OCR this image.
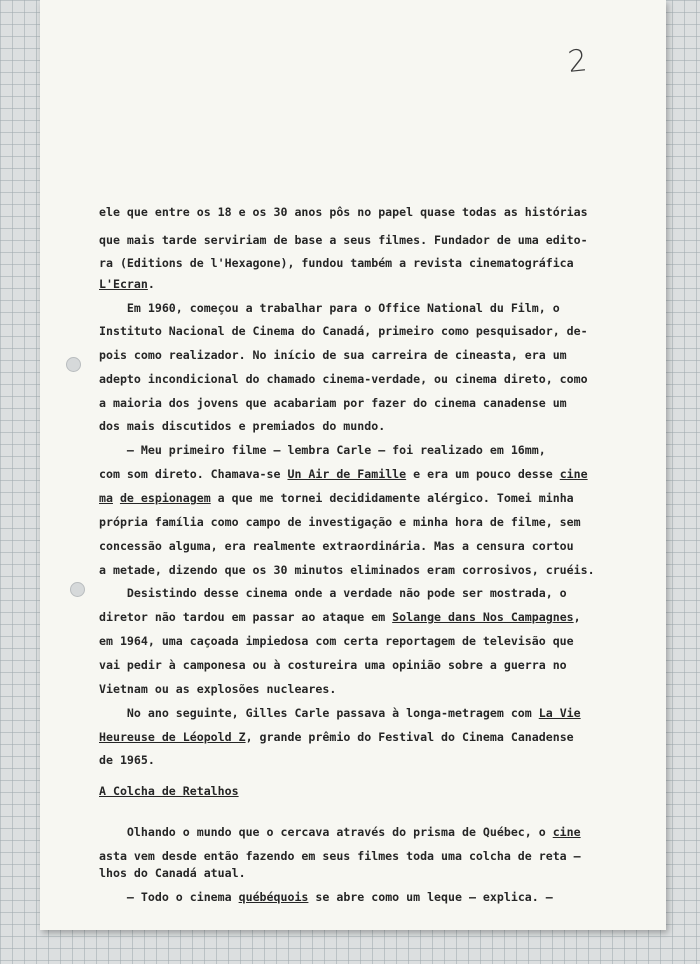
2

ele que entre os 18 e os 30 anos pôs no papel quase todas as histórias

que mais tarde serviriam de base a seus filmes. Fundador de uma edito-

ra (Editions de l'Hexagone), fundou também a revista cinematográfica

L'Ecran.

Em 1960, começou a trabalhar para o Office National du Film, o

Instituto Nacional de Cinema do Canadá, primeiro como pesquisador, de-

pois como realizador. No início de sua carreira de cineasta, era um

adepto incondicional do chamado cinema-verdade, ou cinema direto, como

a maioria dos jovens que acabariam por fazer do cinema canadense um

dos mais discutidos e premiados do mundo.

— Meu primeiro filme — lembra Carle — foi realizado em 16mm,

com som direto. Chamava-se Un Air de Famille e era um pouco desse cine

ma de espionagem a que me tornei decididamente alérgico. Tomei minha

própria família como campo de investigação e minha hora de filme, sem

concessão alguma, era realmente extraordinária. Mas a censura cortou

a metade, dizendo que os 30 minutos eliminados eram corrosivos, cruéis.

Desistindo desse cinema onde a verdade não pode ser mostrada, o

diretor não tardou em passar ao ataque em Solange dans Nos Campagnes,

em 1964, uma caçoada impiedosa com certa reportagem de televisão que

vai pedir à camponesa ou à costureira uma opinião sobre a guerra no

Vietnam ou as explosões nucleares.

No ano seguinte, Gilles Carle passava à longa-metragem com La Vie

Heureuse de Léopold Z, grande prêmio do Festival do Cinema Canadense

de 1965.

A Colcha de Retalhos

Olhando o mundo que o cercava através do prisma de Québec, o cine

asta vem desde então fazendo em seus filmes toda uma colcha de reta —

lhos do Canadá atual.

— Todo o cinema québéquois se abre como um leque — explica. —
